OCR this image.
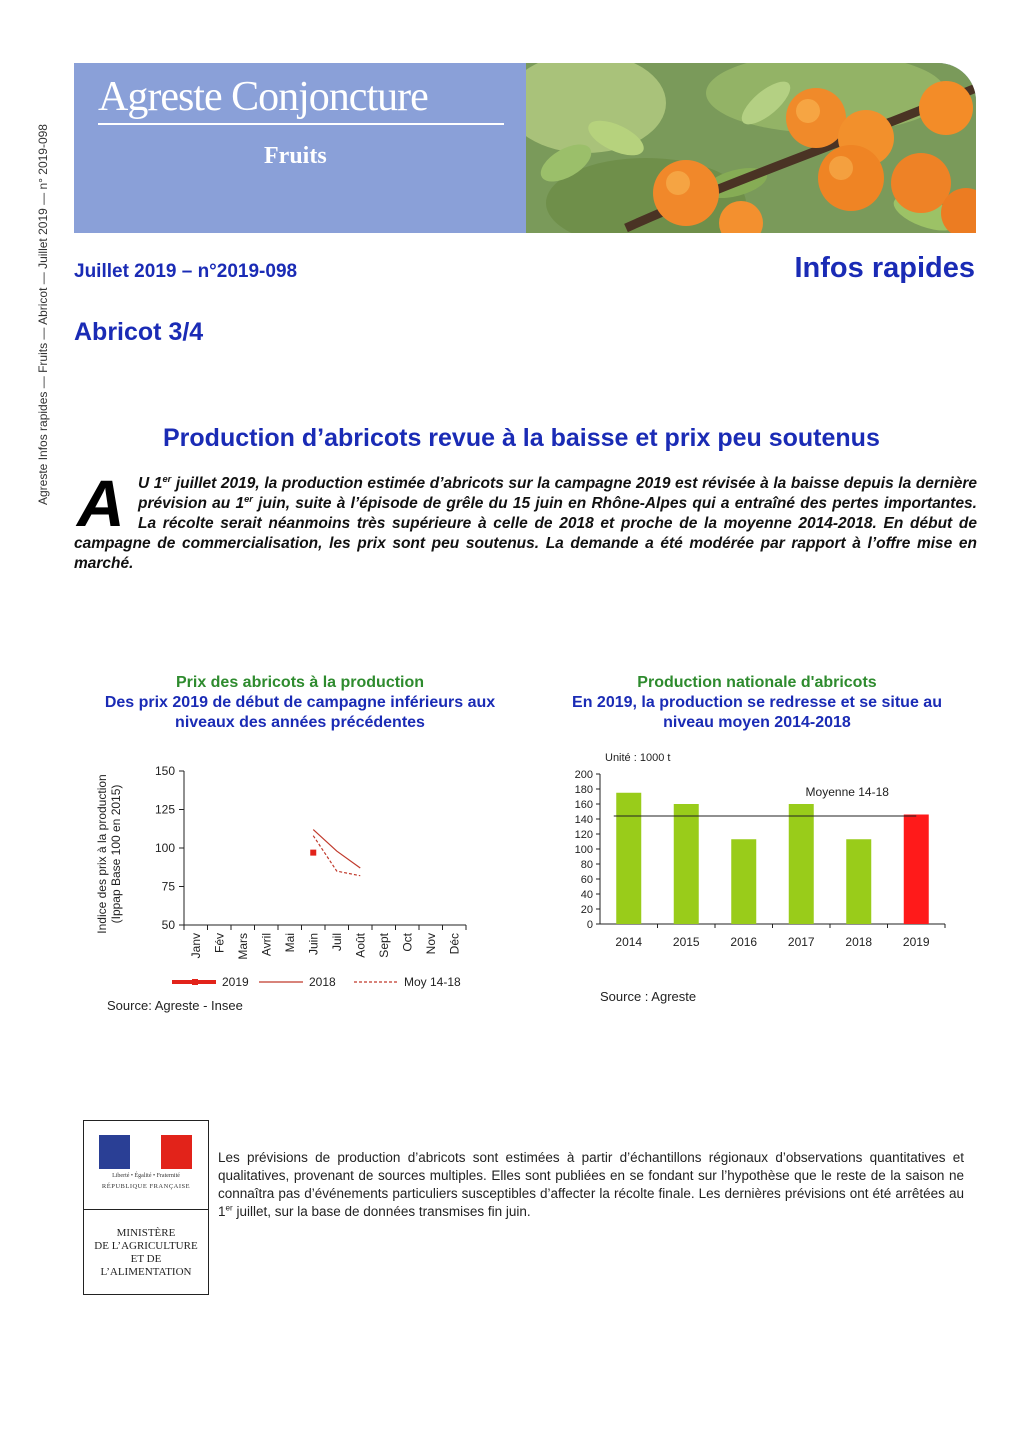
Agreste Infos rapides — Fruits — Abricot — Juillet 2019 — n° 2019-098
Agreste Conjoncture
Fruits
Juillet 2019 – n°2019-098	Infos rapides
Abricot 3/4
Production d’abricots revue à la baisse et prix peu soutenus
A U 1er juillet 2019, la production estimée d’abricots sur la campagne 2019 est révisée à la baisse depuis la dernière prévision au 1er juin, suite à l’épisode de grêle du 15 juin en Rhône-Alpes qui a entraîné des pertes importantes. La récolte serait néanmoins très supérieure à celle de 2018 et proche de la moyenne 2014-2018. En début de campagne de commercialisation, les prix sont peu soutenus. La demande a été modérée par rapport à l’offre mise en marché.
Prix des abricots à la production
Des prix 2019 de début de campagne inférieurs aux niveaux des années précédentes
Production nationale d'abricots
En 2019, la production se redresse et se situe au niveau moyen 2014-2018
50
75
100
125
150
Janv Fév Mars Avril Mai Juin Juil Août Sept Oct Nov Déc
Indice des prix à la production(Ippap Base 100 en 2015)
2019	2018	Moy 14-18
Unité : 1000 t
0
20
40
60
80
100
120
140
160
180
200
2014	2015	2016	2017	2018	2019
Moyenne 14-18
Source: Agreste - Insee
Source : Agreste
Liberté • Égalité • Fraternité
RÉPUBLIQUE FRANÇAISE
MINISTÈRE
DE L’AGRICULTURE
ET DE
L’ALIMENTATION
Les prévisions de production d’abricots sont estimées à partir d’échantillons régionaux d’observations quantitatives et qualitatives, provenant de sources multiples. Elles sont publiées en se fondant sur l’hypothèse que le reste de la saison ne connaîtra pas d’événements particuliers susceptibles d’affecter la récolte finale. Les dernières prévisions ont été arrêtées au 1er juillet, sur la base de données transmises fin juin.
